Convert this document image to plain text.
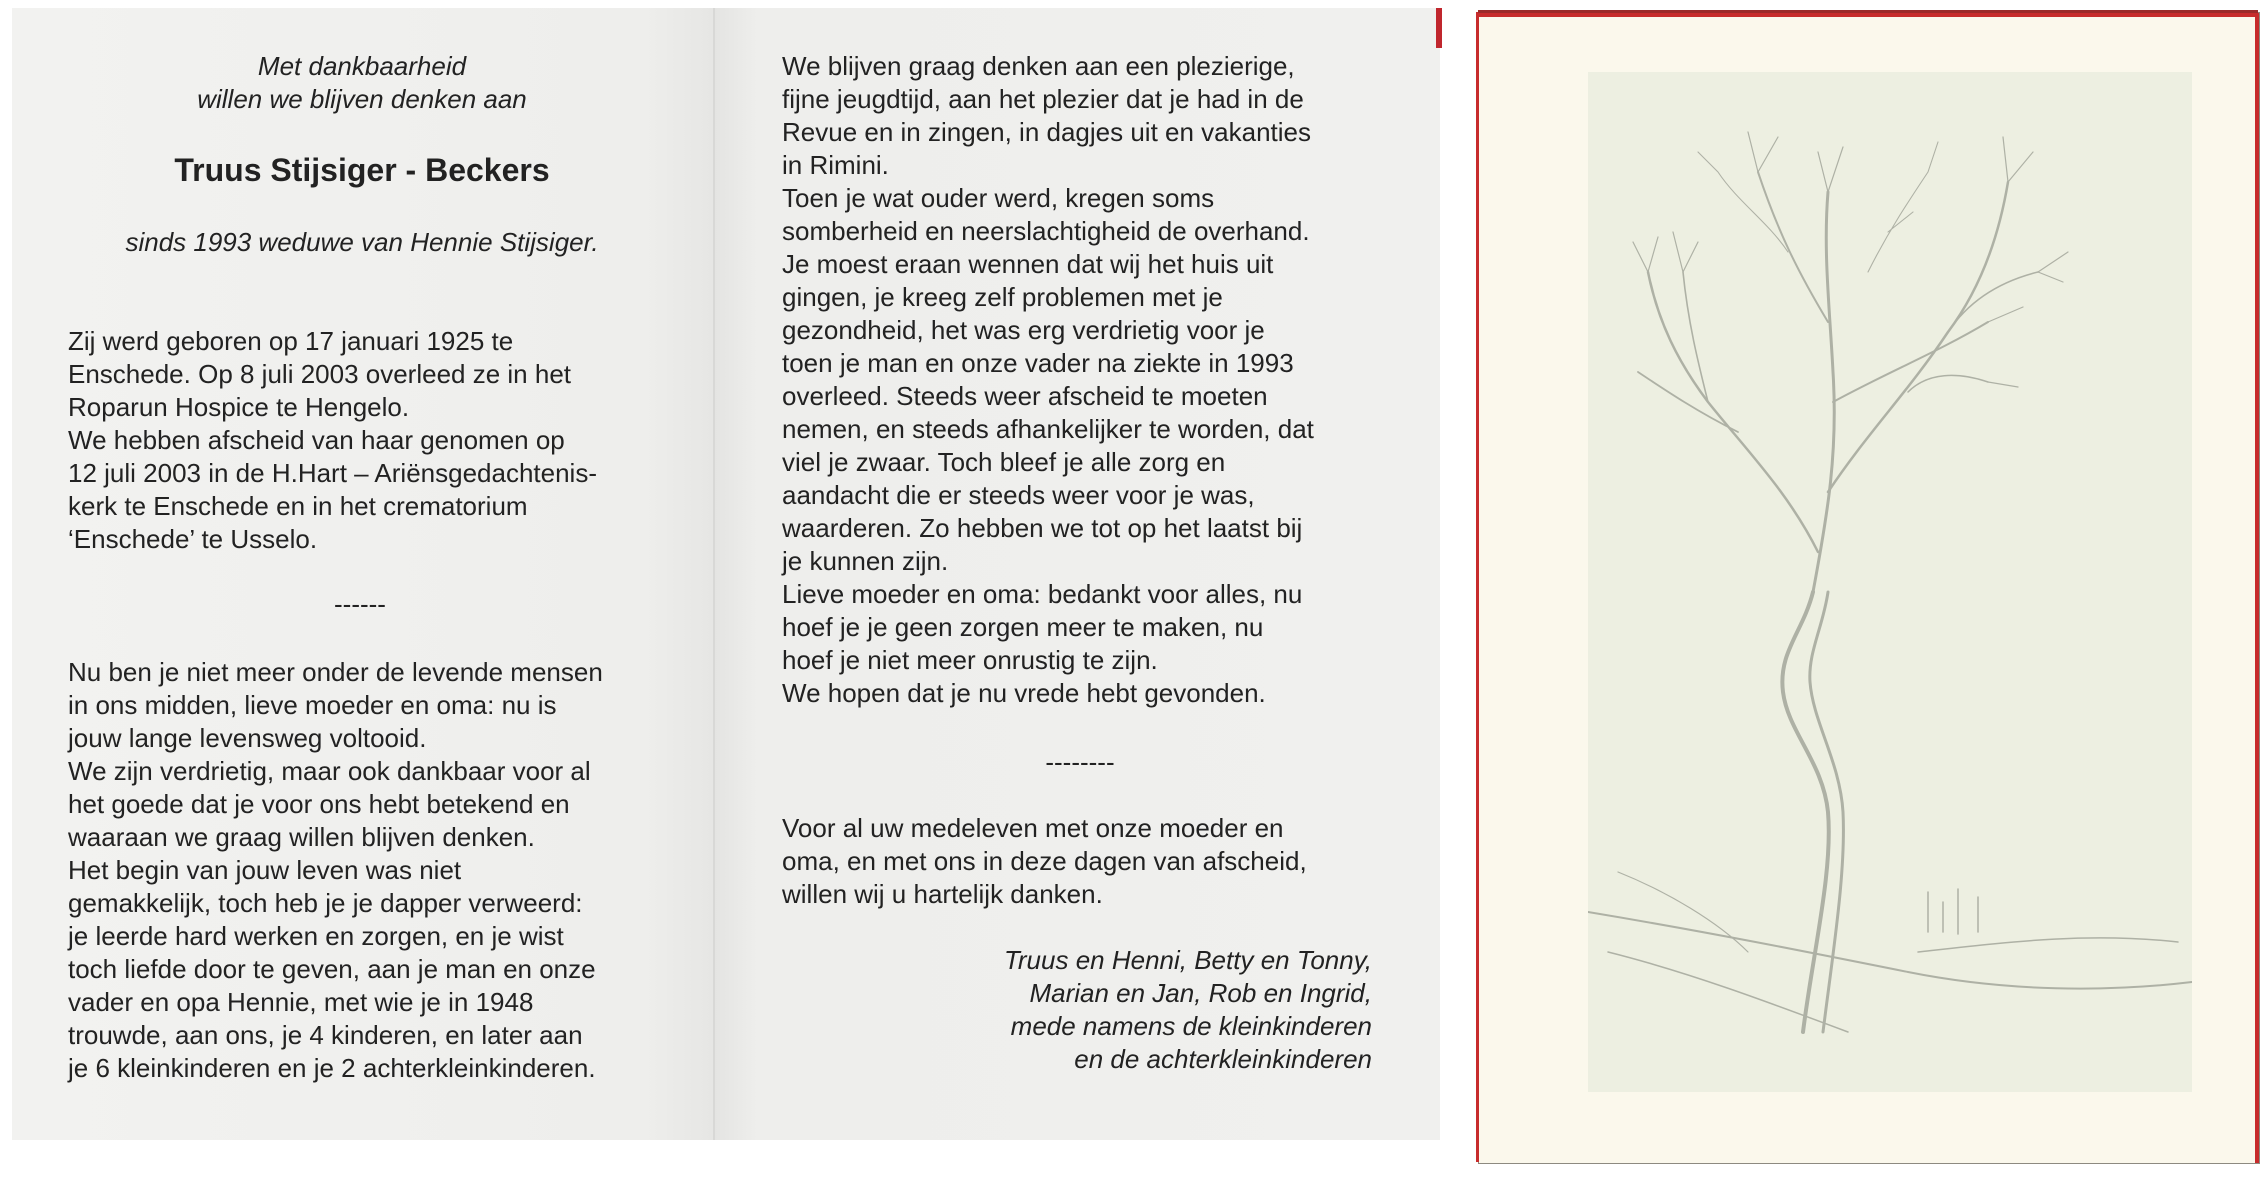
Met dankbaarheid
willen we blijven denken aan
Truus Stijsiger - Beckers
sinds 1993 weduwe van Hennie Stijsiger.
Zij werd geboren op 17 januari 1925 te
Enschede. Op 8 juli 2003 overleed ze in het
Roparun Hospice te Hengelo.
We hebben afscheid van haar genomen op
12 juli 2003 in de H.Hart – Ariënsgedachtenis-
kerk te Enschede en in het crematorium
‘Enschede’ te Usselo.
------
Nu ben je niet meer onder de levende mensen
in ons midden, lieve moeder en oma: nu is
jouw lange levensweg voltooid.
We zijn verdrietig, maar ook dankbaar voor al
het goede dat je voor ons hebt betekend en
waaraan we graag willen blijven denken.
Het begin van jouw leven was niet
gemakkelijk, toch heb je je dapper verweerd:
je leerde hard werken en zorgen, en je wist
toch liefde door te geven, aan je man en onze
vader en opa Hennie, met wie je in 1948
trouwde, aan ons, je 4 kinderen, en later aan
je 6 kleinkinderen en je 2 achterkleinkinderen.
We blijven graag denken aan een plezierige,
fijne jeugdtijd, aan het plezier dat je had in de
Revue en in zingen, in dagjes uit en vakanties
in Rimini.
Toen je wat ouder werd, kregen soms
somberheid en neerslachtigheid de overhand.
Je moest eraan wennen dat wij het huis uit
gingen, je kreeg zelf problemen met je
gezondheid, het was erg verdrietig voor je
toen je man en onze vader na ziekte in 1993
overleed. Steeds weer afscheid te moeten
nemen, en steeds afhankelijker te worden, dat
viel je zwaar. Toch bleef je alle zorg en
aandacht die er steeds weer voor je was,
waarderen. Zo hebben we tot op het laatst bij
je kunnen zijn.
Lieve moeder en oma: bedankt voor alles, nu
hoef je je geen zorgen meer te maken, nu
hoef je niet meer onrustig te zijn.
We hopen dat je nu vrede hebt gevonden.
--------
Voor al uw medeleven met onze moeder en
oma, en met ons in deze dagen van afscheid,
willen wij u hartelijk danken.
Truus en Henni, Betty en Tonny,
Marian en Jan, Rob en Ingrid,
mede namens de kleinkinderen
en de achterkleinkinderen
